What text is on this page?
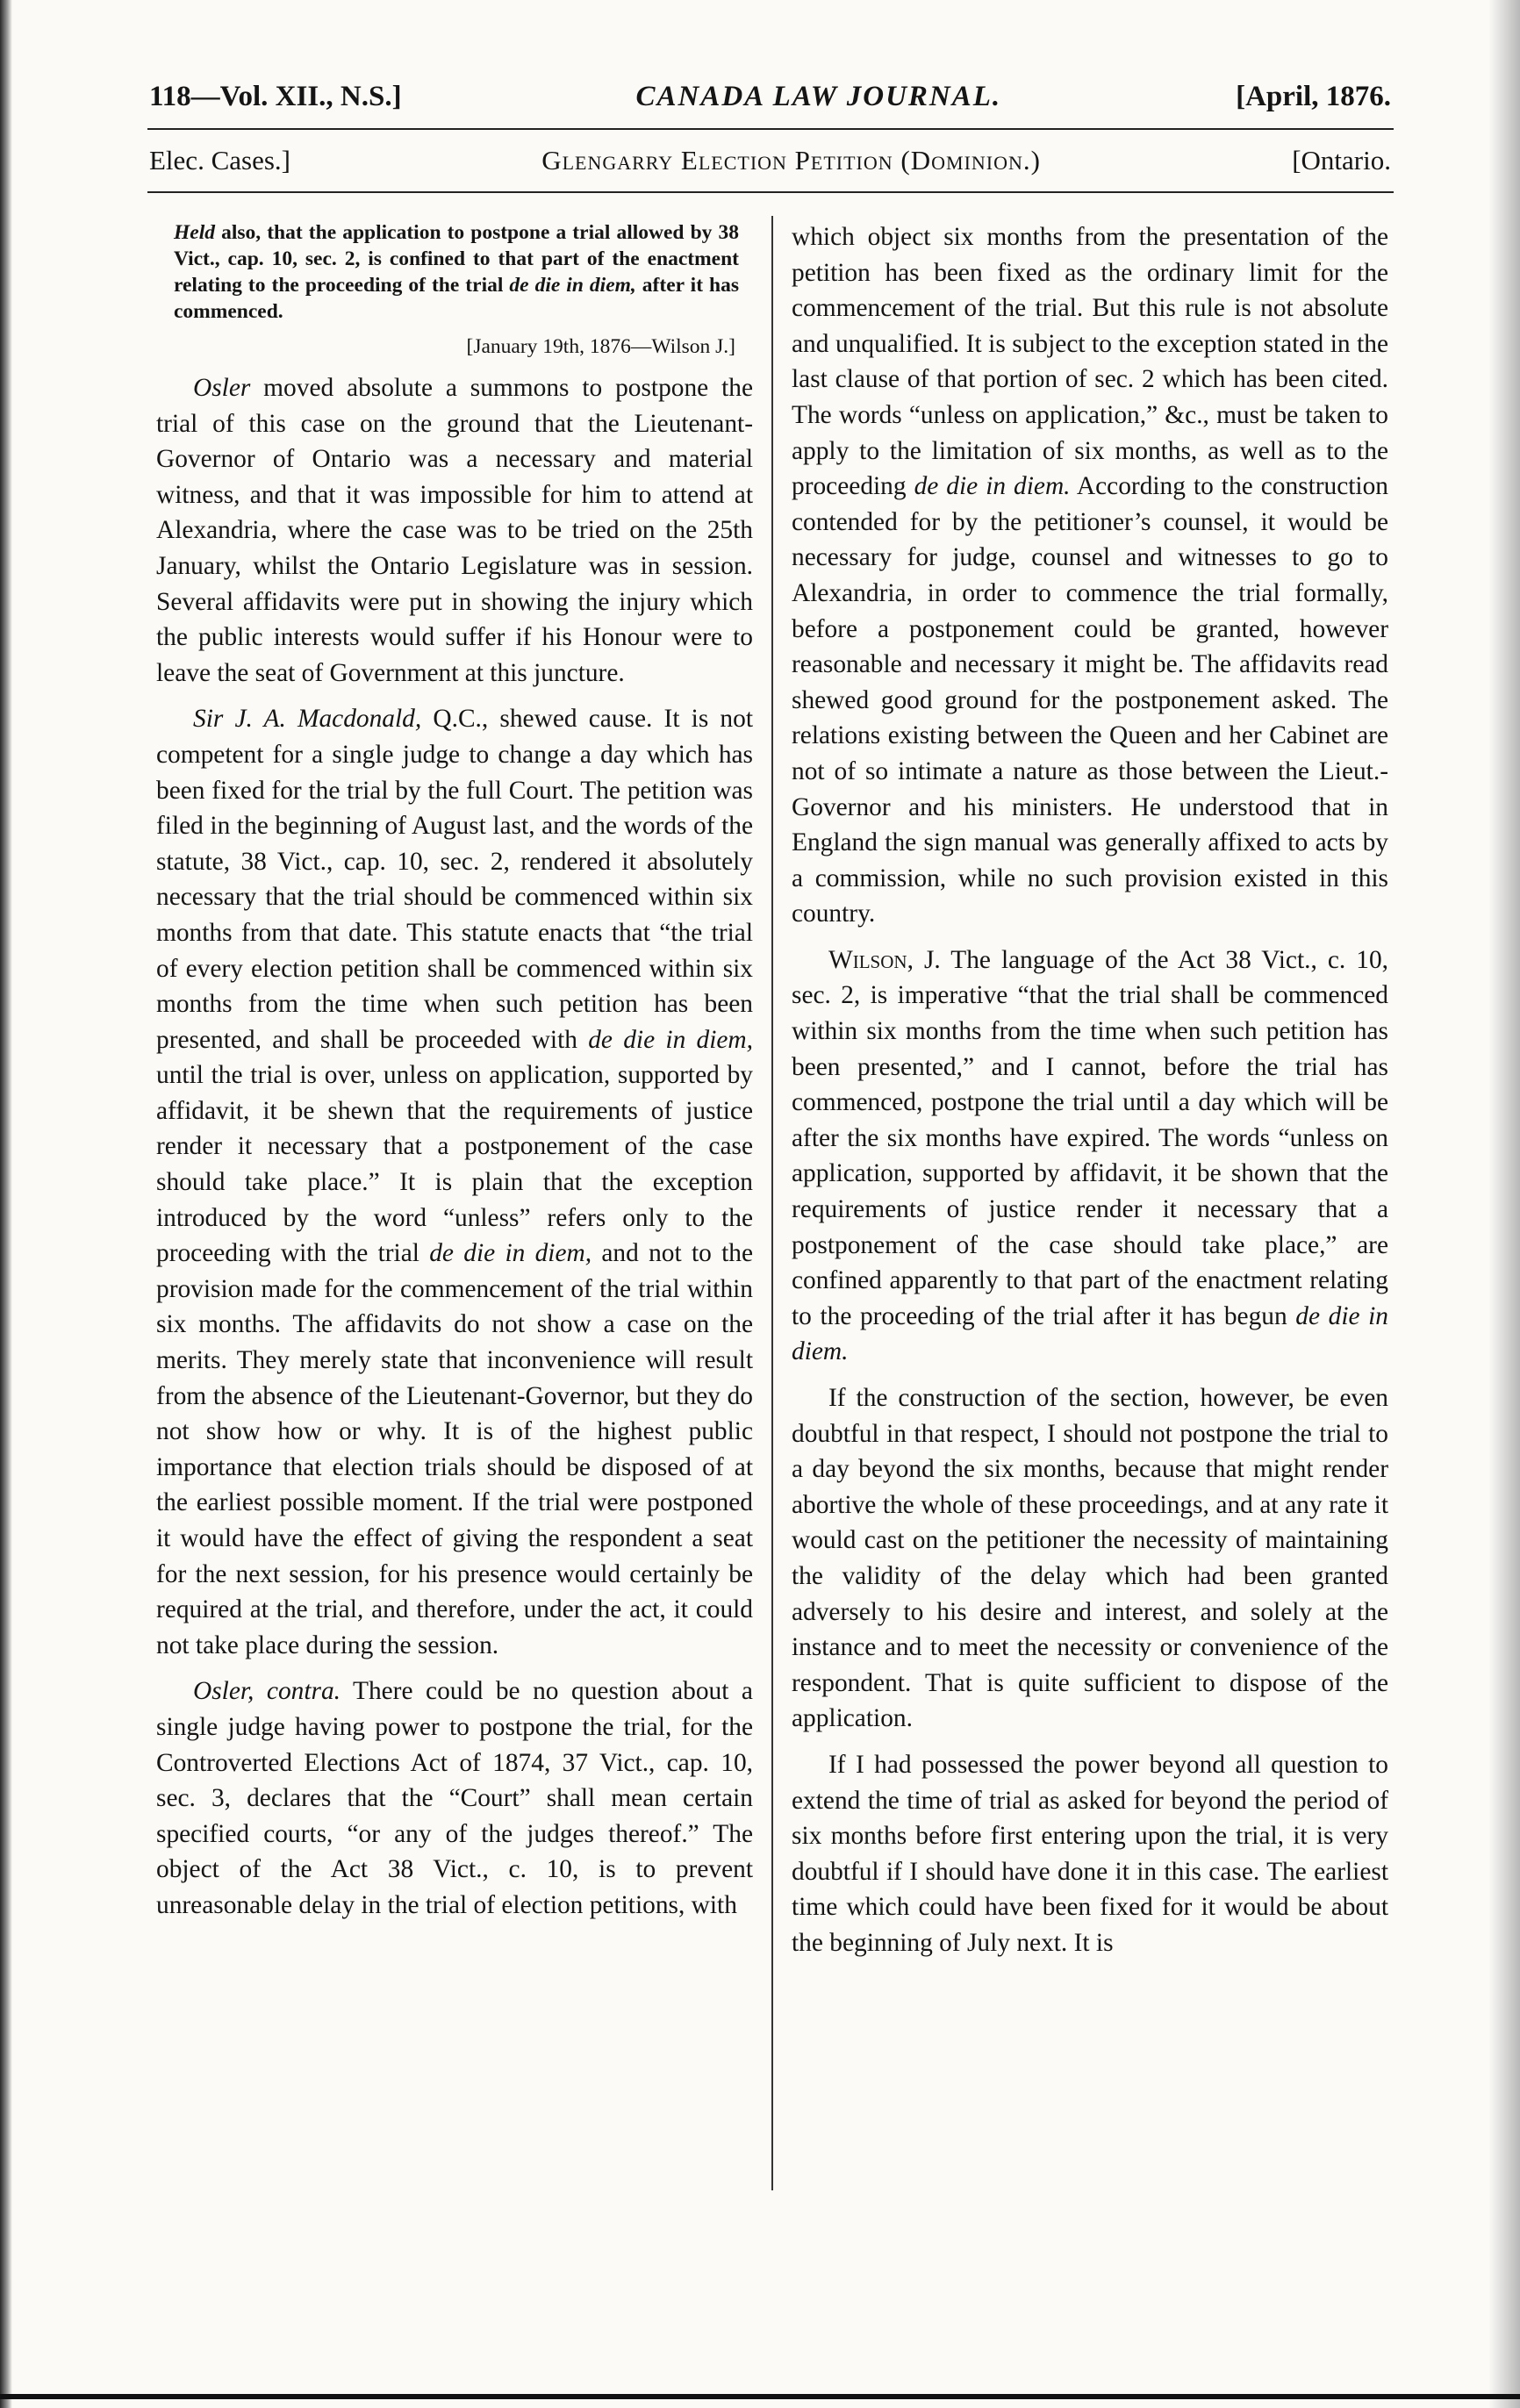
118—Vol. XII., N.S.]	CANADA LAW JOURNAL.	[April, 1876.
Elec. Cases.]	Glengarry Election Petition (Dominion.)	[Ontario.
Held also, that the application to postpone a trial allowed by 38 Vict., cap. 10, sec. 2, is confined to that part of the enactment relating to the proceeding of the trial de die in diem, after it has commenced.
[January 19th, 1876—Wilson J.]

Osler moved absolute a summons to postpone the trial of this case on the ground that the Lieutenant-Governor of Ontario was a necessary and material witness, and that it was impossible for him to attend at Alexandria, where the case was to be tried on the 25th January, whilst the Ontario Legislature was in session. Several affidavits were put in showing the injury which the public interests would suffer if his Honour were to leave the seat of Government at this juncture.

Sir J. A. Macdonald, Q.C., shewed cause. It is not competent for a single judge to change a day which has been fixed for the trial by the full Court. The petition was filed in the beginning of August last, and the words of the statute, 38 Vict., cap. 10, sec. 2, rendered it absolutely necessary that the trial should be commenced within six months from that date. This statute enacts that “the trial of every election petition shall be commenced within six months from the time when such petition has been presented, and shall be proceeded with de die in diem, until the trial is over, unless on application, supported by affidavit, it be shewn that the requirements of justice render it necessary that a postponement of the case should take place.” It is plain that the exception introduced by the word “unless” refers only to the proceeding with the trial de die in diem, and not to the provision made for the commencement of the trial within six months. The affidavits do not show a case on the merits. They merely state that inconvenience will result from the absence of the Lieutenant-Governor, but they do not show how or why. It is of the highest public importance that election trials should be disposed of at the earliest possible moment. If the trial were postponed it would have the effect of giving the respondent a seat for the next session, for his presence would certainly be required at the trial, and therefore, under the act, it could not take place during the session.

Osler, contra. There could be no question about a single judge having power to postpone the trial, for the Controverted Elections Act of 1874, 37 Vict., cap. 10, sec. 3, declares that the “Court” shall mean certain specified courts, “or any of the judges thereof.” The object of the Act 38 Vict., c. 10, is to prevent unreasonable delay in the trial of election petitions, with

which object six months from the presentation of the petition has been fixed as the ordinary limit for the commencement of the trial. But this rule is not absolute and unqualified. It is subject to the exception stated in the last clause of that portion of sec. 2 which has been cited. The words “unless on application,” &c., must be taken to apply to the limitation of six months, as well as to the proceeding de die in diem. According to the construction contended for by the petitioner’s counsel, it would be necessary for judge, counsel and witnesses to go to Alexandria, in order to commence the trial formally, before a postponement could be granted, however reasonable and necessary it might be. The affidavits read shewed good ground for the postponement asked. The relations existing between the Queen and her Cabinet are not of so intimate a nature as those between the Lieut.-Governor and his ministers. He understood that in England the sign manual was generally affixed to acts by a commission, while no such provision existed in this country.

Wilson, J. The language of the Act 38 Vict., c. 10, sec. 2, is imperative “that the trial shall be commenced within six months from the time when such petition has been presented,” and I cannot, before the trial has commenced, postpone the trial until a day which will be after the six months have expired. The words “unless on application, supported by affidavit, it be shown that the requirements of justice render it necessary that a postponement of the case should take place,” are confined apparently to that part of the enactment relating to the proceeding of the trial after it has begun de die in diem.

If the construction of the section, however, be even doubtful in that respect, I should not postpone the trial to a day beyond the six months, because that might render abortive the whole of these proceedings, and at any rate it would cast on the petitioner the necessity of maintaining the validity of the delay which had been granted adversely to his desire and interest, and solely at the instance and to meet the necessity or convenience of the respondent. That is quite sufficient to dispose of the application.

If I had possessed the power beyond all question to extend the time of trial as asked for beyond the period of six months before first entering upon the trial, it is very doubtful if I should have done it in this case. The earliest time which could have been fixed for it would be about the beginning of July next. It is
